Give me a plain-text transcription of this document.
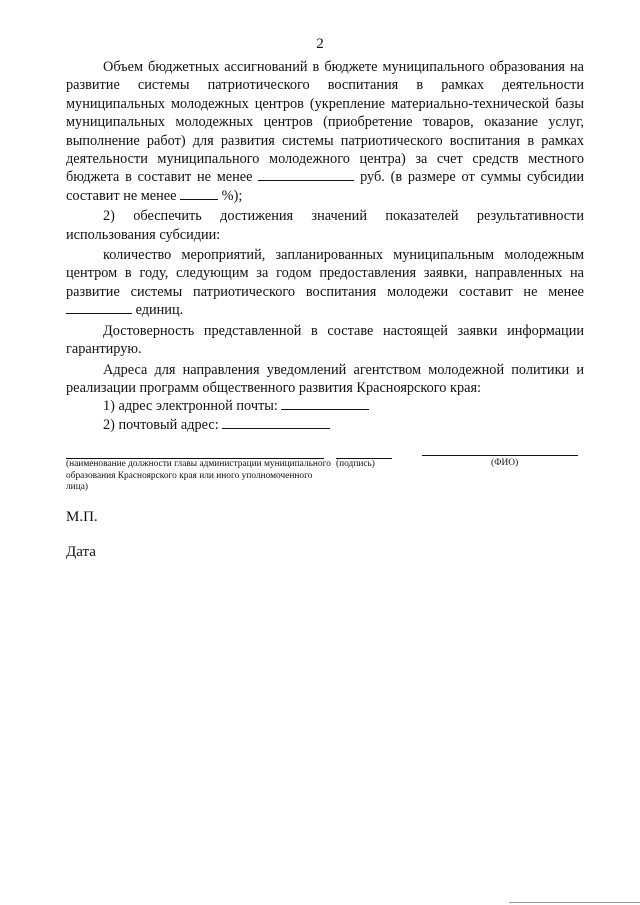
2

Объем бюджетных ассигнований в бюджете муниципального образования на развитие системы патриотического воспитания в рамках деятельности муниципальных молодежных центров (укрепление материально-технической базы муниципальных молодежных центров (приобретение товаров, оказание услуг, выполнение работ) для развития системы патриотического воспитания в рамках деятельности муниципального молодежного центра) за счет средств местного бюджета в составит не менее	руб. (в размере от суммы субсидии составит не менее	%);

2) обеспечить достижения значений показателей результативности использования субсидии:

количество мероприятий, запланированных муниципальным молодежным центром в году, следующим за годом предоставления заявки, направленных на развитие системы патриотического воспитания молодежи составит не менее  единиц.

Достоверность представленной в составе настоящей заявки информации гарантирую.

Адреса для направления уведомлений агентством молодежной политики и реализации программ общественного развития Красноярского края:

1) адрес электронной почты:

2) почтовый адрес:

(наименование должности главы администрации муниципального образования Красноярского края или иного уполномоченного лица)
(подпись)	(ФИО)
М.П.
Дата
